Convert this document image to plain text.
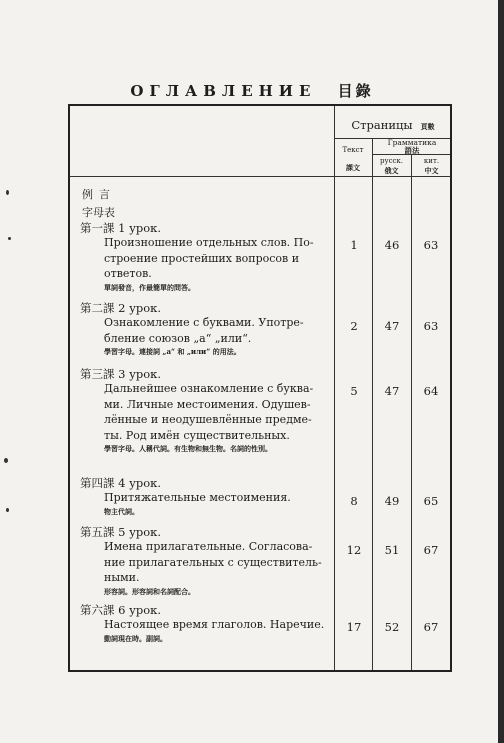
ОГЛАВЛЕНИЕ 目錄
Страницы 頁數
Текст
課文
Грамматика
語法
русск.
俄文
кит.
中文
例言
字母表
第一課 1 урок.
Произношение отдельных слов. По-
строение простейших вопросов и
ответов.
單詞發音，作最簡單的問答。
1	46	63
第二課 2 урок.
Ознакомление с буквами. Употре-
бление союзов „а“ „или“.
學習字母。連接詞 „а“ 和 „или“ 的用法。
2	47	63
第三課 3 урок.
Дальнейшее ознакомление с буква-
ми. Личные местоимения. Одушев-
лённые и неодушевлённые предме-
ты. Род имён существительных.
學習字母。人稱代詞。有生物和無生物。名詞的性別。
5	47	64
第四課 4 урок.
Притяжательные местоимения.
物主代詞。
8	49	65
第五課 5 урок.
Имена прилагательные. Согласова-
ние прилагательных с существитель-
ными.
形容詞。形容詞和名詞配合。
12	51	67
第六課 6 урок.
Настоящее время глаголов. Наречие.
動詞現在時。副詞。
17	52	67
